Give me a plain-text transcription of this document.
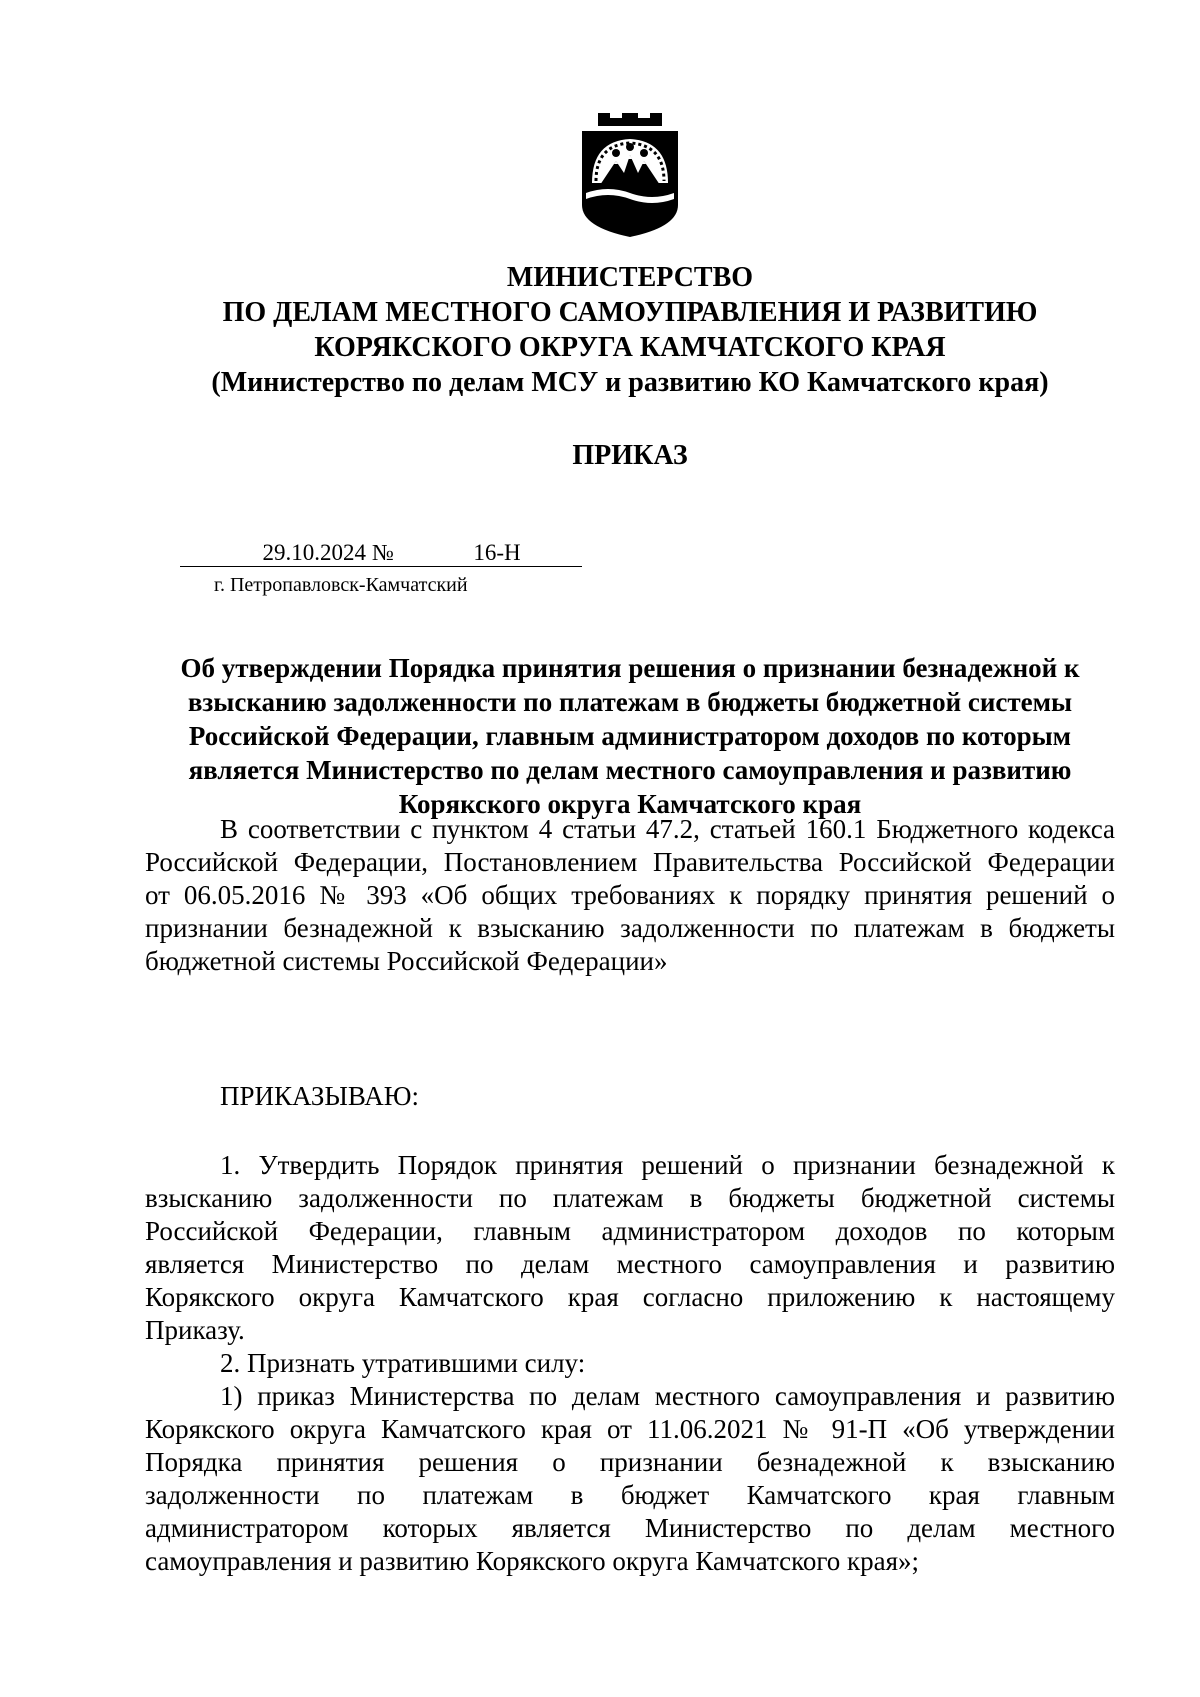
МИНИСТЕРСТВО
ПО ДЕЛАМ МЕСТНОГО САМОУПРАВЛЕНИЯ И РАЗВИТИЮ
КОРЯКСКОГО ОКРУГА КАМЧАТСКОГО КРАЯ
(Министерство по делам МСУ и развитию КО Камчатского края)
ПРИКАЗ
29.10.2024 №	16-Н
г. Петропавловск-Камчатский
Об утверждении Порядка принятия решения о признании безнадежной к
взысканию задолженности по платежам в бюджеты бюджетной системы
Российской Федерации, главным администратором доходов по которым
является Министерство по делам местного самоуправления и развитию
Корякского округа Камчатского края
В соответствии с пунктом 4 статьи 47.2, статьей 160.1 Бюджетного кодекса
Российской Федерации, Постановлением Правительства Российской Федерации
от 06.05.2016 № 393 «Об общих требованиях к порядку принятия решений о
признании безнадежной к взысканию задолженности по платежам в бюджеты
бюджетной системы Российской Федерации»
ПРИКАЗЫВАЮ:
1. Утвердить Порядок принятия решений о признании безнадежной к
взысканию задолженности по платежам в бюджеты бюджетной системы
Российской Федерации, главным администратором доходов по которым
является Министерство по делам местного самоуправления и развитию
Корякского округа Камчатского края согласно приложению к настоящему
Приказу.
2. Признать утратившими силу:
1) приказ Министерства по делам местного самоуправления и развитию
Корякского округа Камчатского края от 11.06.2021 № 91-П «Об утверждении
Порядка принятия решения о признании безнадежной к взысканию
задолженности по платежам в бюджет Камчатского края главным
администратором которых является Министерство по делам местного
самоуправления и развитию Корякского округа Камчатского края»;
